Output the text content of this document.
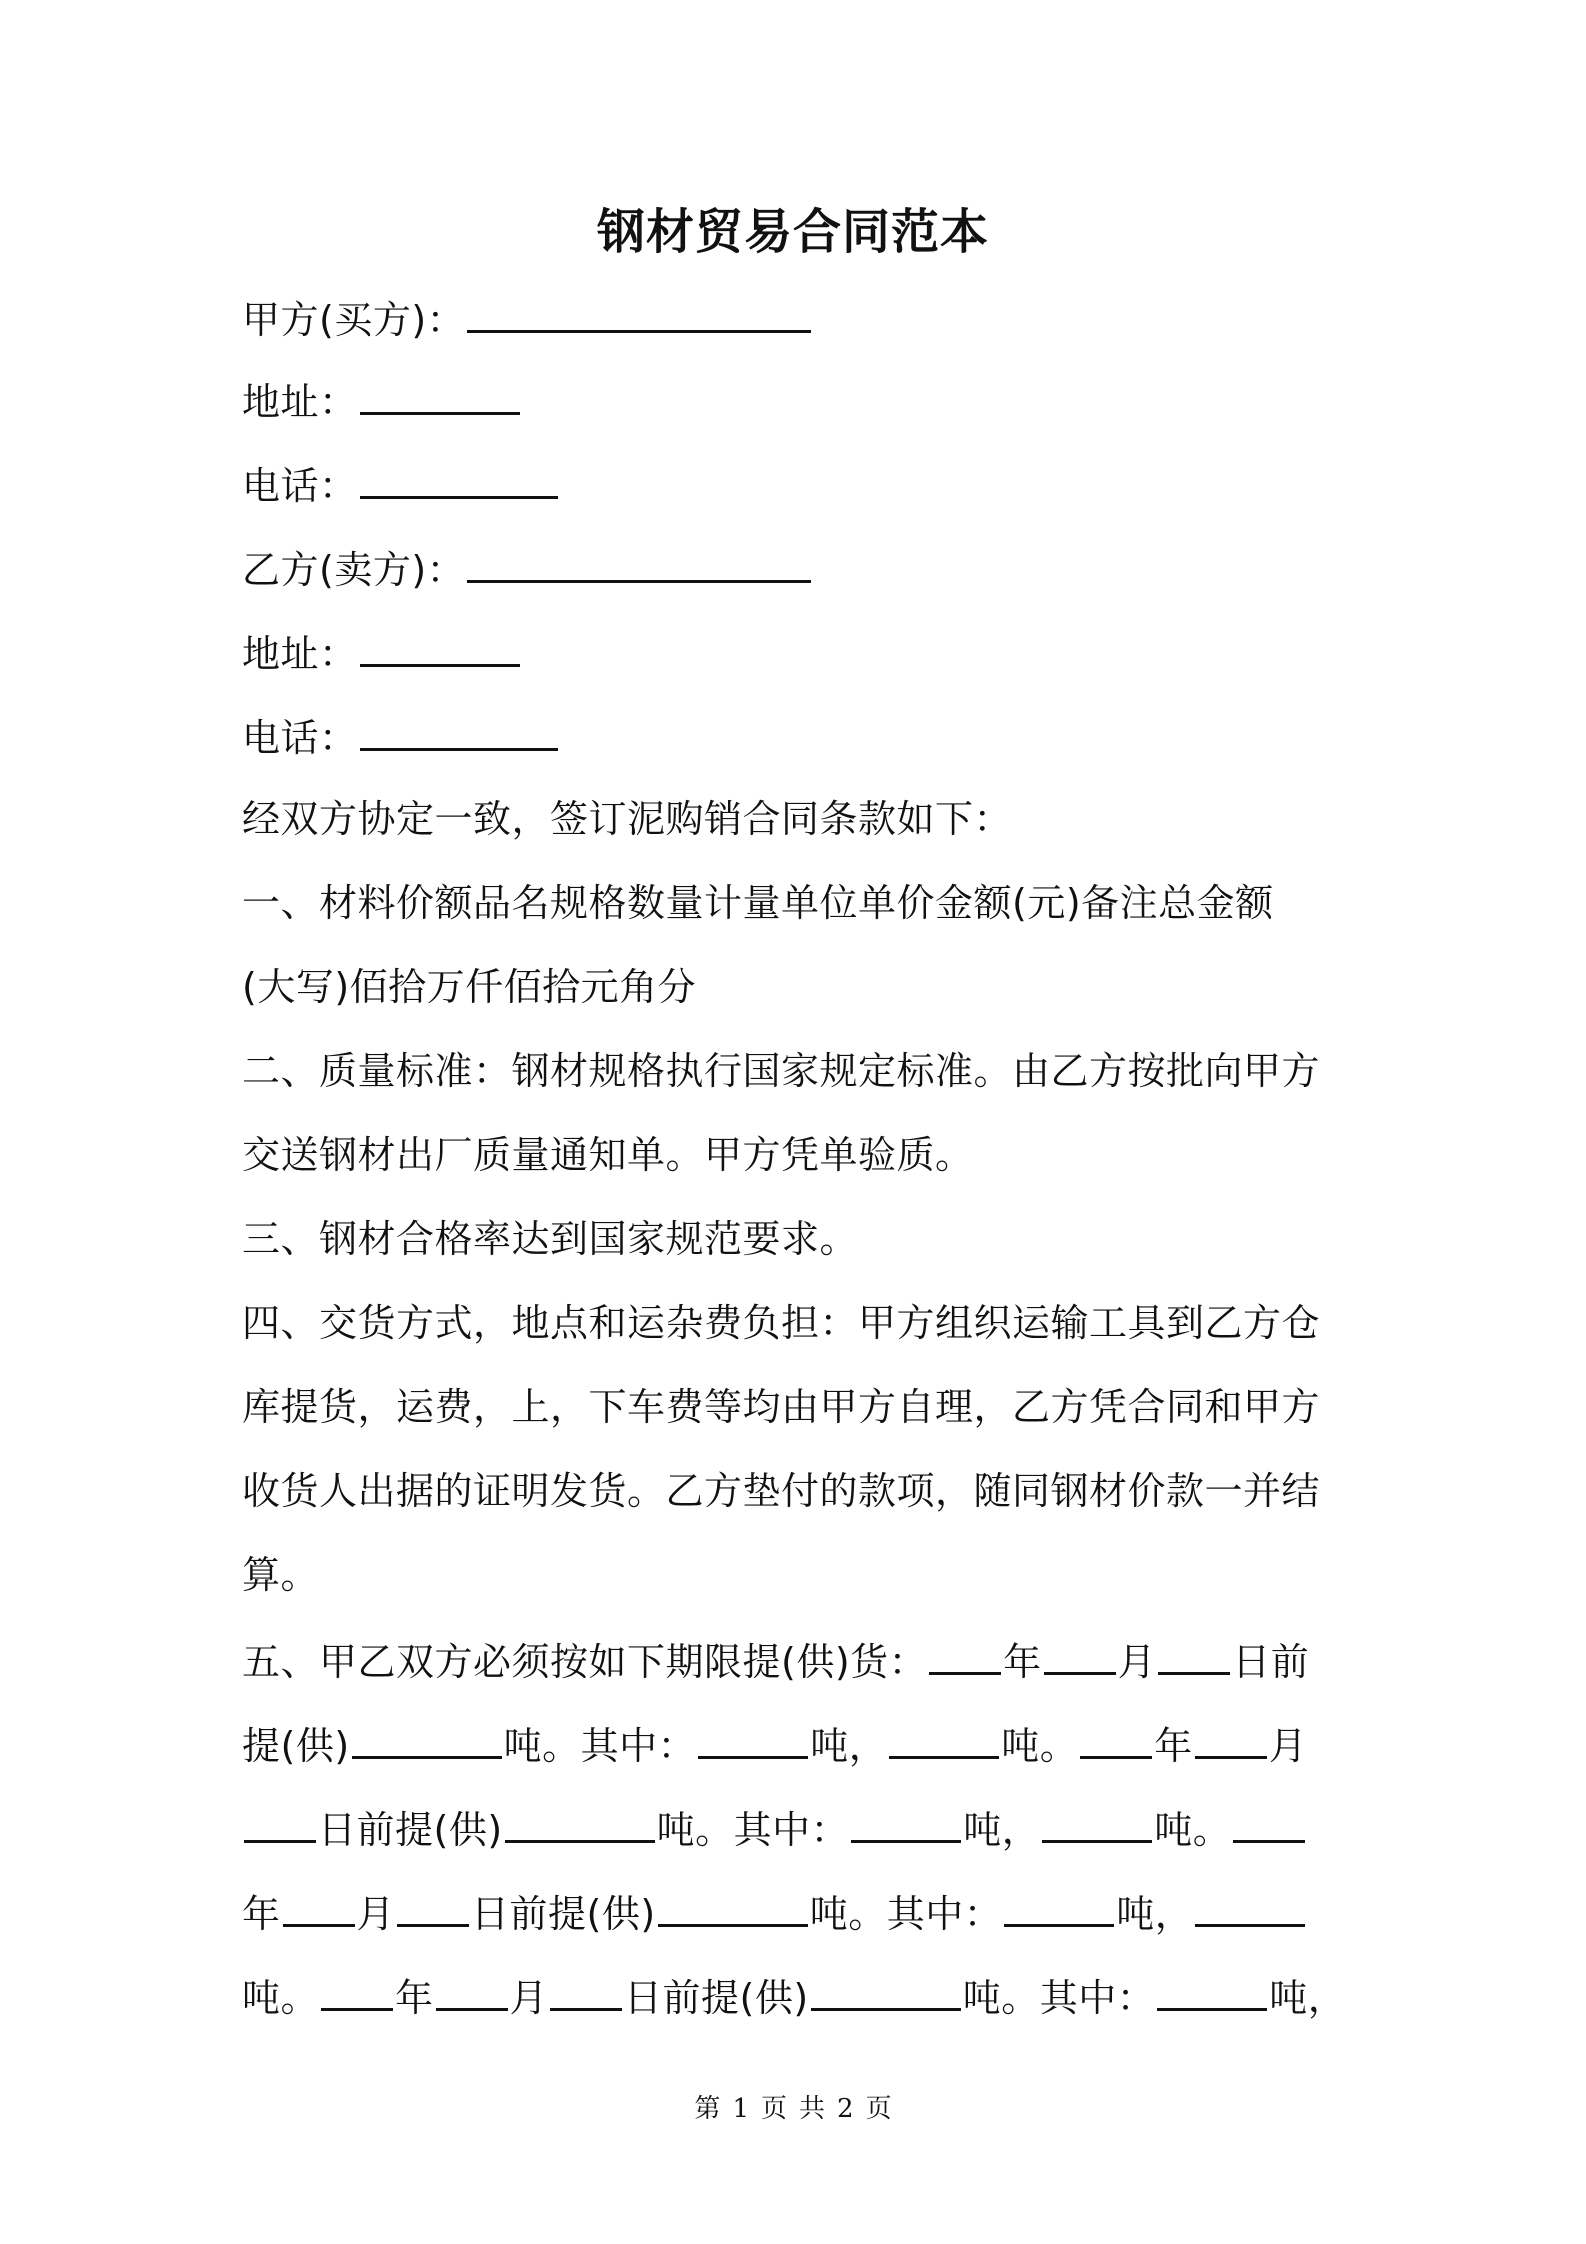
钢材贸易合同范本
甲方(买方)：
地址：
电话：
乙方(卖方)：
地址：
电话：
经双方协定一致，签订泥购销合同条款如下：
一、材料价额品名规格数量计量单位单价金额(元)备注总金额
(大写)佰拾万仟佰拾元角分
二、质量标准：钢材规格执行国家规定标准。由乙方按批向甲方
交送钢材出厂质量通知单。甲方凭单验质。
三、钢材合格率达到国家规范要求。
四、交货方式，地点和运杂费负担：甲方组织运输工具到乙方仓
库提货，运费，上，下车费等均由甲方自理，乙方凭合同和甲方
收货人出据的证明发货。乙方垫付的款项，随同钢材价款一并结
算。
五、甲乙双方必须按如下期限提(供)货： 年 月 日前
提(供)	吨。其中：	吨，	吨。 年 月
日前提(供)	吨。其中：	吨，	吨。
年 月 日前提(供)	吨。其中：	吨，
吨。 年 月 日前提(供)	吨。其中：	吨，
第 1 页 共 2 页
